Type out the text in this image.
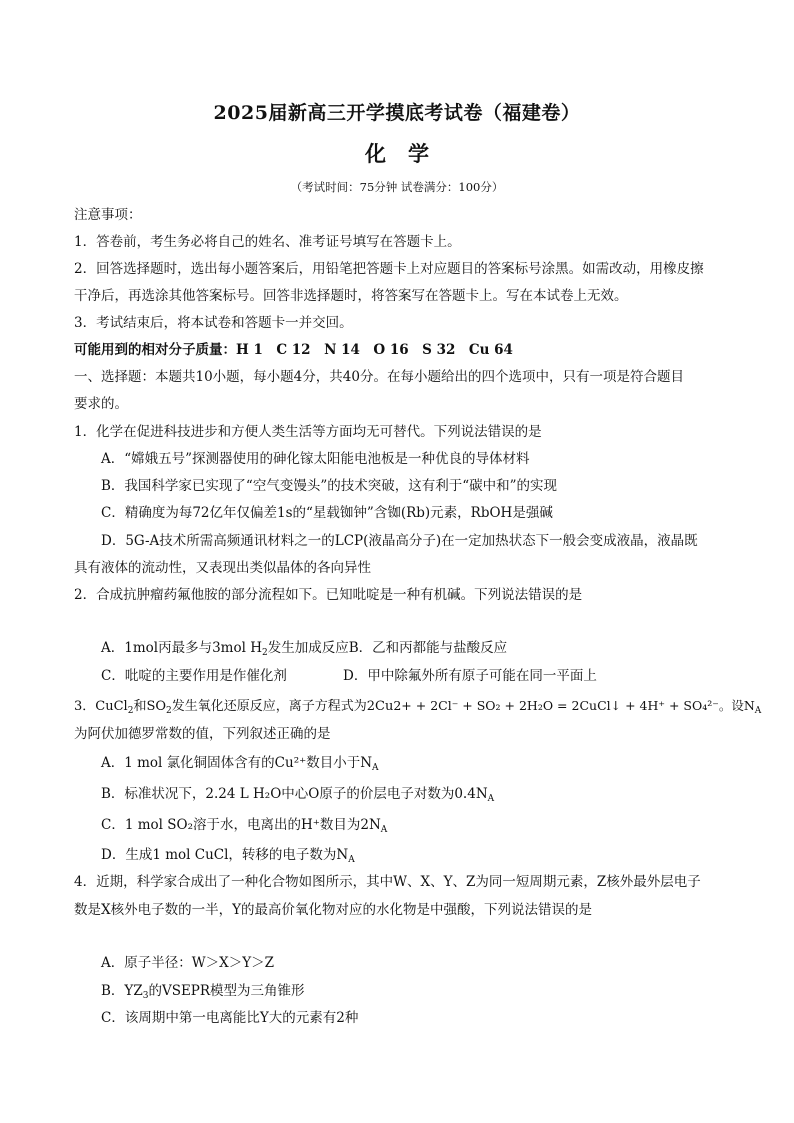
2025届新高三开学摸底考试卷（福建卷）
化学
（考试时间：75分钟 试卷满分：100分）
注意事项：
1．答卷前，考生务必将自己的姓名、准考证号填写在答题卡上。
2．回答选择题时，选出每小题答案后，用铅笔把答题卡上对应题目的答案标号涂黑。如需改动，用橡皮擦
干净后，再选涂其他答案标号。回答非选择题时，将答案写在答题卡上。写在本试卷上无效。
3．考试结束后，将本试卷和答题卡一并交回。
可能用到的相对分子质量：H 1　C 12　N 14　O 16　S 32　Cu 64
一、选择题：本题共10小题，每小题4分，共40分。在每小题给出的四个选项中，只有一项是符合题目
要求的。
1．化学在促进科技进步和方便人类生活等方面均无可替代。下列说法错误的是
A．“嫦娥五号”探测器使用的砷化镓太阳能电池板是一种优良的导体材料
B．我国科学家已实现了“空气变馒头”的技术突破，这有利于“碳中和”的实现
C．精确度为每72亿年仅偏差1s的“星载铷钟”含铷(Rb)元素，RbOH是强碱
D．5G-A技术所需高频通讯材料之一的LCP(液晶高分子)在一定加热状态下一般会变成液晶，液晶既
具有液体的流动性，又表现出类似晶体的各向异性
2．合成抗肿瘤药氟他胺的部分流程如下。已知吡啶是一种有机碱。下列说法错误的是
A．1mol丙最多与3mol $H_2$发生加成反应B．乙和丙都能与盐酸反应
C．吡啶的主要作用是作催化剂	D．甲中除氟外所有原子可能在同一平面上
3．CuCl$_2$和$SO_2$发生氧化还原反应，离子方程式为2Cu2+ + 2Cl⁻ + SO₂ + 2H₂O = 2CuCl↓ + 4H⁺ + SO₄²⁻。设$N_A$
为阿伏加德罗常数的值，下列叙述正确的是
A．1 mol 氯化铜固体含有的Cu²⁺数目小于$N_A$
B．标准状况下，2.24 L H₂O中心O原子的价层电子对数为$0.4N_A$
C．1 mol SO₂溶于水，电离出的H⁺数目为$2N_A$
D．生成1 mol CuCl，转移的电子数为$N_A$
4．近期，科学家合成出了一种化合物如图所示，其中W、X、Y、Z为同一短周期元素，Z核外最外层电子
数是X核外电子数的一半，Y的最高价氧化物对应的水化物是中强酸，下列说法错误的是
A．原子半径：W＞X＞Y＞Z
B．$YZ_3$的VSEPR模型为三角锥形
C．该周期中第一电离能比Y大的元素有2种
